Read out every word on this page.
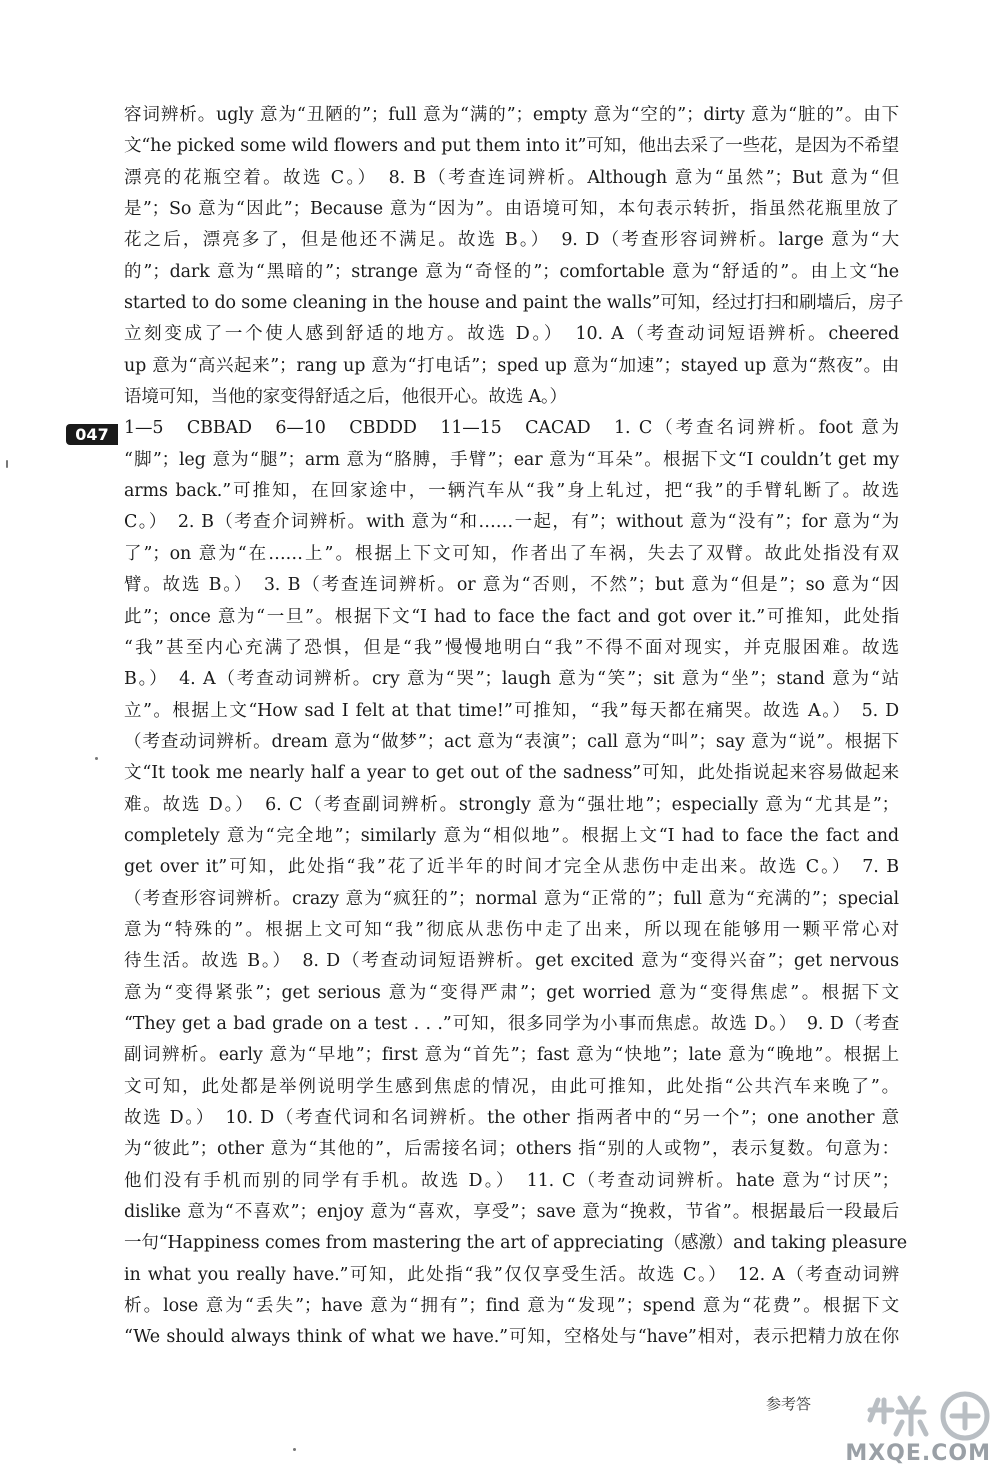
047
容词辨析。ugly 意为“丑陋的”；full 意为“满的”；empty 意为“空的”；dirty 意为“脏的”。由下
文“he picked some wild flowers and put them into it”可知，他出去采了一些花，是因为不希望
漂亮的花瓶空着。故选 C。）　8. B（考查连词辨析。Although 意为“虽然”；But 意为“但
是”；So 意为“因此”；Because 意为“因为”。由语境可知，本句表示转折，指虽然花瓶里放了
花之后，漂亮多了，但是他还不满足。故选 B。）　9. D（考查形容词辨析。large 意为“大
的”；dark 意为“黑暗的”；strange 意为“奇怪的”；comfortable 意为“舒适的”。由上文“he
started to do some cleaning in the house and paint the walls”可知，经过打扫和刷墙后，房子
立刻变成了一个使人感到舒适的地方。故选 D。）　10. A（考查动词短语辨析。cheered
up 意为“高兴起来”；rang up 意为“打电话”；sped up 意为“加速”；stayed up 意为“熬夜”。由
语境可知，当他的家变得舒适之后，他很开心。故选 A。）
1—5　CBBAD　6—10　CBDDD　11—15　CACAD　1. C（考查名词辨析。foot 意为
“脚”；leg 意为“腿”；arm 意为“胳膊，手臂”；ear 意为“耳朵”。根据下文“I couldn’t get my
arms back.”可推知，在回家途中，一辆汽车从“我”身上轧过，把“我”的手臂轧断了。故选
C。）　2. B（考查介词辨析。with 意为“和……一起，有”；without 意为“没有”；for 意为“为
了”；on 意为“在……上”。根据上下文可知，作者出了车祸，失去了双臂。故此处指没有双
臂。故选 B。）　3. B（考查连词辨析。or 意为“否则，不然”；but 意为“但是”；so 意为“因
此”；once 意为“一旦”。根据下文“I had to face the fact and got over it.”可推知，此处指
“我”甚至内心充满了恐惧，但是“我”慢慢地明白“我”不得不面对现实，并克服困难。故选
B。）　4. A（考查动词辨析。cry 意为“哭”；laugh 意为“笑”；sit 意为“坐”；stand 意为“站
立”。根据上文“How sad I felt at that time!”可推知，“我”每天都在痛哭。故选 A。）　5. D
（考查动词辨析。dream 意为“做梦”；act 意为“表演”；call 意为“叫”；say 意为“说”。根据下
文“It took me nearly half a year to get out of the sadness”可知，此处指说起来容易做起来
难。故选 D。）　6. C（考查副词辨析。strongly 意为“强壮地”；especially 意为“尤其是”；
completely 意为“完全地”；similarly 意为“相似地”。根据上文“I had to face the fact and
get over it”可知，此处指“我”花了近半年的时间才完全从悲伤中走出来。故选 C。）　7. B
（考查形容词辨析。crazy 意为“疯狂的”；normal 意为“正常的”；full 意为“充满的”；special
意为“特殊的”。根据上文可知“我”彻底从悲伤中走了出来，所以现在能够用一颗平常心对
待生活。故选 B。）　8. D（考查动词短语辨析。get excited 意为“变得兴奋”；get nervous
意为“变得紧张”；get serious 意为“变得严肃”；get worried 意为“变得焦虑”。根据下文
“They get a bad grade on a test . . .”可知，很多同学为小事而焦虑。故选 D。）　9. D（考查
副词辨析。early 意为“早地”；first 意为“首先”；fast 意为“快地”；late 意为“晚地”。根据上
文可知，此处都是举例说明学生感到焦虑的情况，由此可推知，此处指“公共汽车来晚了”。
故选 D。）　10. D（考查代词和名词辨析。the other 指两者中的“另一个”；one another 意
为“彼此”；other 意为“其他的”，后需接名词；others 指“别的人或物”，表示复数。句意为：
他们没有手机而别的同学有手机。故选 D。）　11. C（考查动词辨析。hate 意为“讨厌”；
dislike 意为“不喜欢”；enjoy 意为“喜欢，享受”；save 意为“挽救，节省”。根据最后一段最后
一句“Happiness comes from mastering the art of appreciating（感激）and taking pleasure
in what you really have.”可知，此处指“我”仅仅享受生活。故选 C。）　12. A（考查动词辨
析。lose 意为“丢失”；have 意为“拥有”；find 意为“发现”；spend 意为“花费”。根据下文
“We should always think of what we have.”可知，空格处与“have”相对，表示把精力放在你
参考答
MXQE.COM
